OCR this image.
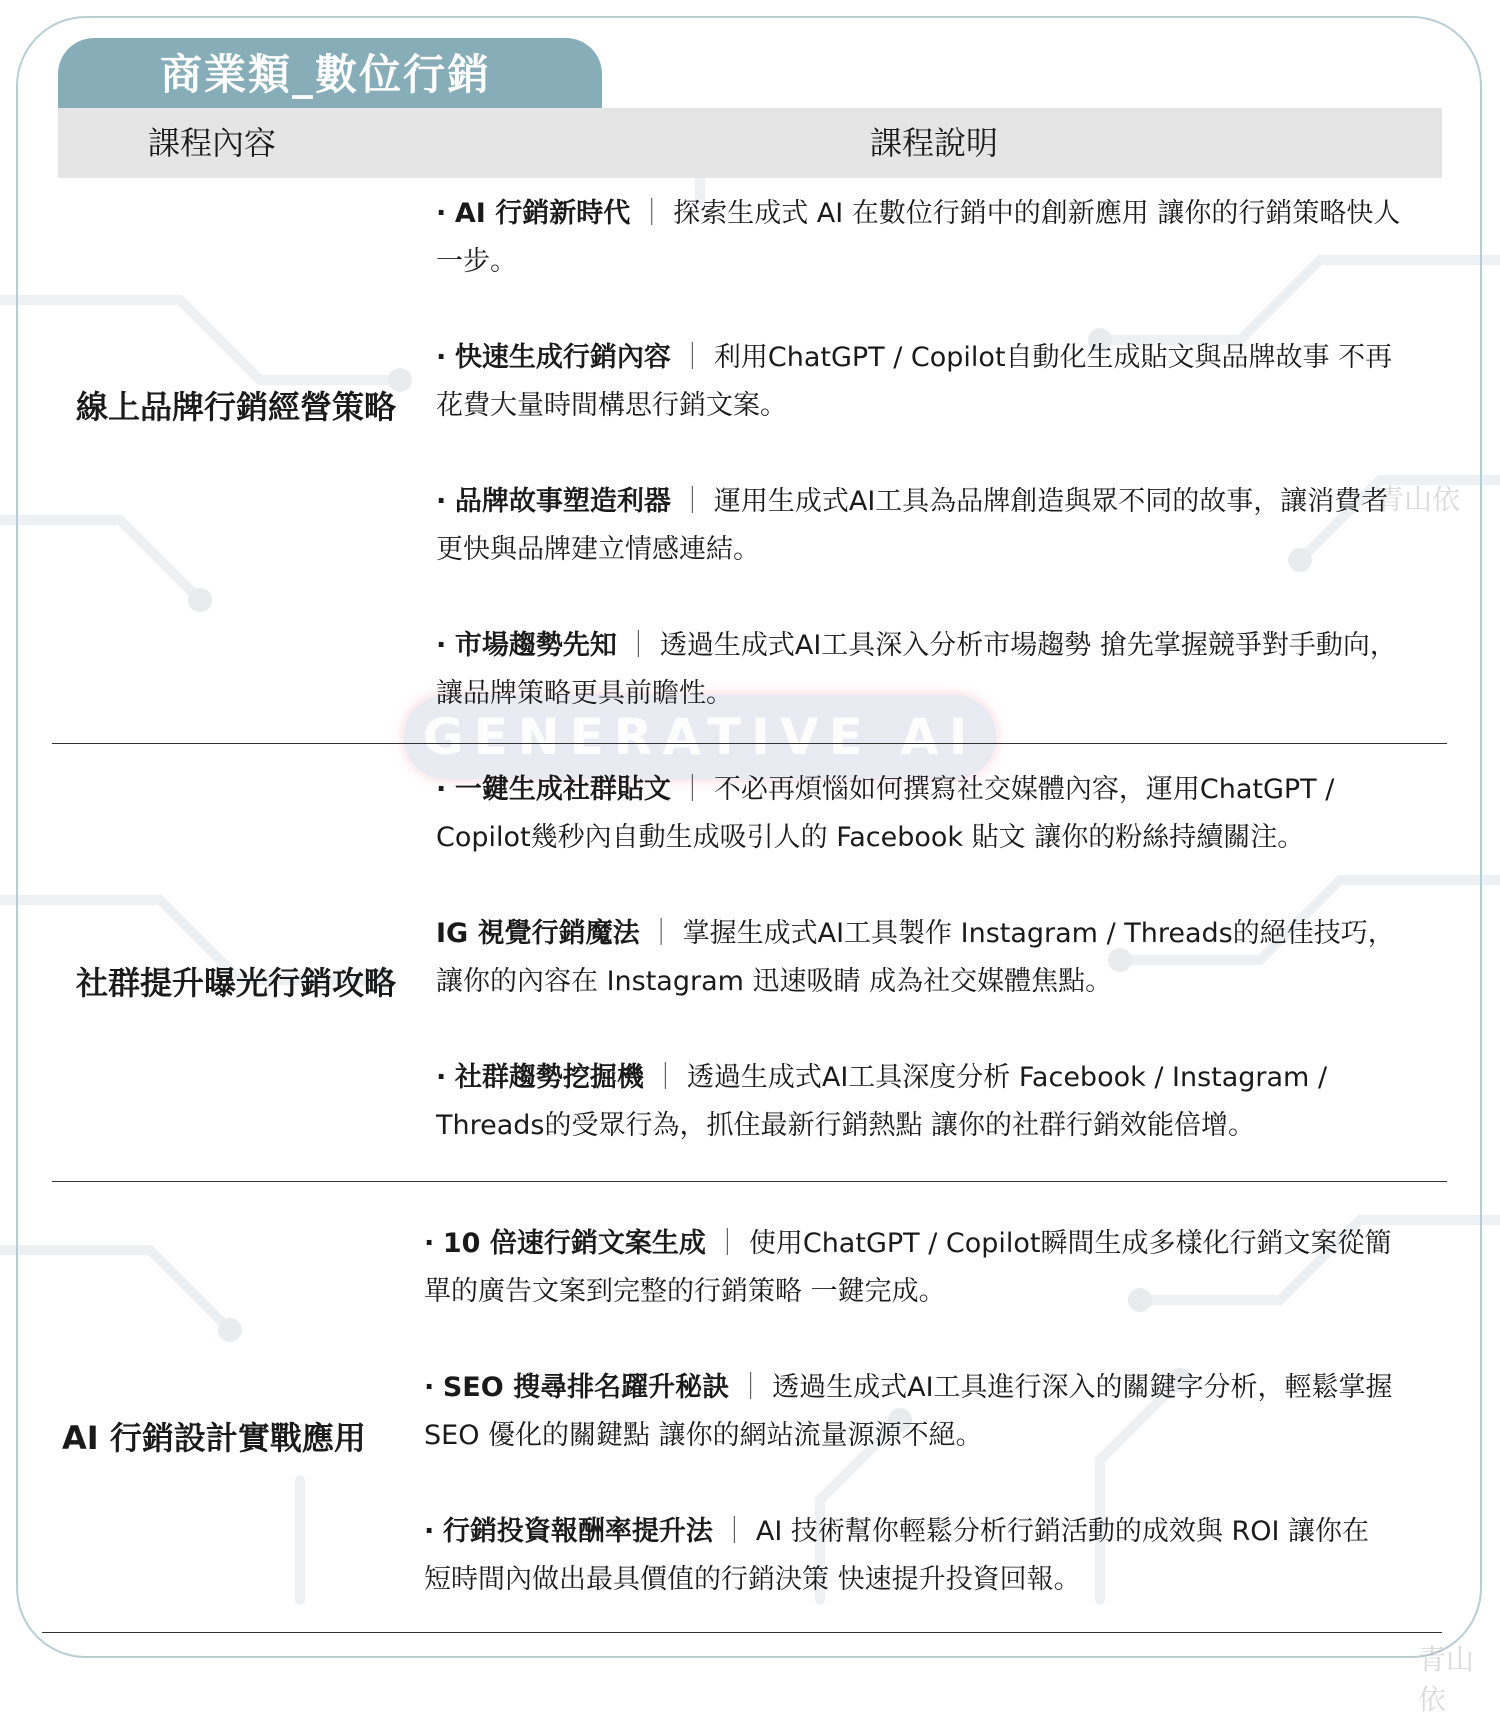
商業類_數位行銷
課程內容	課程說明
GENERATIVE AI
青山依
青山依
線上品牌行銷經營策略
· AI 行銷新時代 ｜ 探索生成式 AI 在數位行銷中的創新應用 讓你的行銷策略快人
一步。
· 快速生成行銷內容 ｜ 利用ChatGPT / Copilot自動化生成貼文與品牌故事 不再
花費大量時間構思行銷文案。
· 品牌故事塑造利器 ｜ 運用生成式AI工具為品牌創造與眾不同的故事，讓消費者
更快與品牌建立情感連結。
· 市場趨勢先知 ｜ 透過生成式AI工具深入分析市場趨勢 搶先掌握競爭對手動向，
讓品牌策略更具前瞻性。
社群提升曝光行銷攻略
· 一鍵生成社群貼文 ｜ 不必再煩惱如何撰寫社交媒體內容，運用ChatGPT /
Copilot幾秒內自動生成吸引人的 Facebook 貼文 讓你的粉絲持續關注。
IG 視覺行銷魔法 ｜ 掌握生成式AI工具製作 Instagram / Threads的絕佳技巧，
讓你的內容在 Instagram 迅速吸睛 成為社交媒體焦點。
· 社群趨勢挖掘機 ｜ 透過生成式AI工具深度分析 Facebook / Instagram /
Threads的受眾行為，抓住最新行銷熱點 讓你的社群行銷效能倍增。
AI 行銷設計實戰應用
· 10 倍速行銷文案生成 ｜ 使用ChatGPT / Copilot瞬間生成多樣化行銷文案從簡
單的廣告文案到完整的行銷策略 一鍵完成。
· SEO 搜尋排名躍升秘訣 ｜ 透過生成式AI工具進行深入的關鍵字分析，輕鬆掌握
SEO 優化的關鍵點 讓你的網站流量源源不絕。
· 行銷投資報酬率提升法 ｜ AI 技術幫你輕鬆分析行銷活動的成效與 ROI 讓你在
短時間內做出最具價值的行銷決策 快速提升投資回報。
